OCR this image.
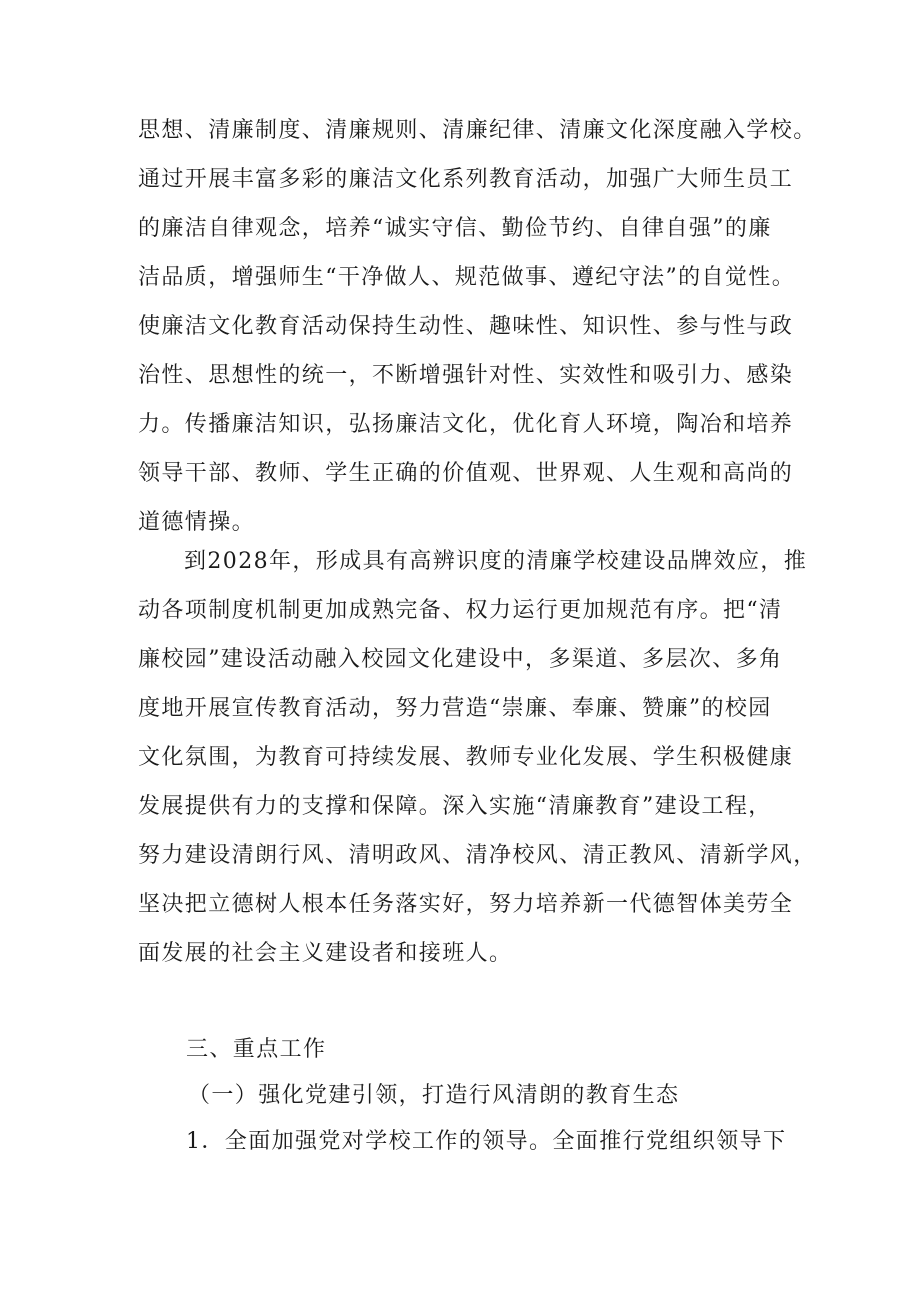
思想、清廉制度、清廉规则、清廉纪律、清廉文化深度融入学校。
通过开展丰富多彩的廉洁文化系列教育活动，加强广大师生员工
的廉洁自律观念，培养“诚实守信、勤俭节约、自律自强”的廉
洁品质，增强师生“干净做人、规范做事、遵纪守法”的自觉性。
使廉洁文化教育活动保持生动性、趣味性、知识性、参与性与政
治性、思想性的统一，不断增强针对性、实效性和吸引力、感染
力。传播廉洁知识，弘扬廉洁文化，优化育人环境，陶冶和培养
领导干部、教师、学生正确的价值观、世界观、人生观和高尚的
道德情操。
到2028年，形成具有高辨识度的清廉学校建设品牌效应，推
动各项制度机制更加成熟完备、权力运行更加规范有序。把“清
廉校园”建设活动融入校园文化建设中，多渠道、多层次、多角
度地开展宣传教育活动，努力营造“崇廉、奉廉、赞廉”的校园
文化氛围，为教育可持续发展、教师专业化发展、学生积极健康
发展提供有力的支撑和保障。深入实施“清廉教育”建设工程，
努力建设清朗行风、清明政风、清净校风、清正教风、清新学风，
坚决把立德树人根本任务落实好，努力培养新一代德智体美劳全
面发展的社会主义建设者和接班人。
三、重点工作
（一）强化党建引领，打造行风清朗的教育生态
1．全面加强党对学校工作的领导。全面推行党组织领导下
